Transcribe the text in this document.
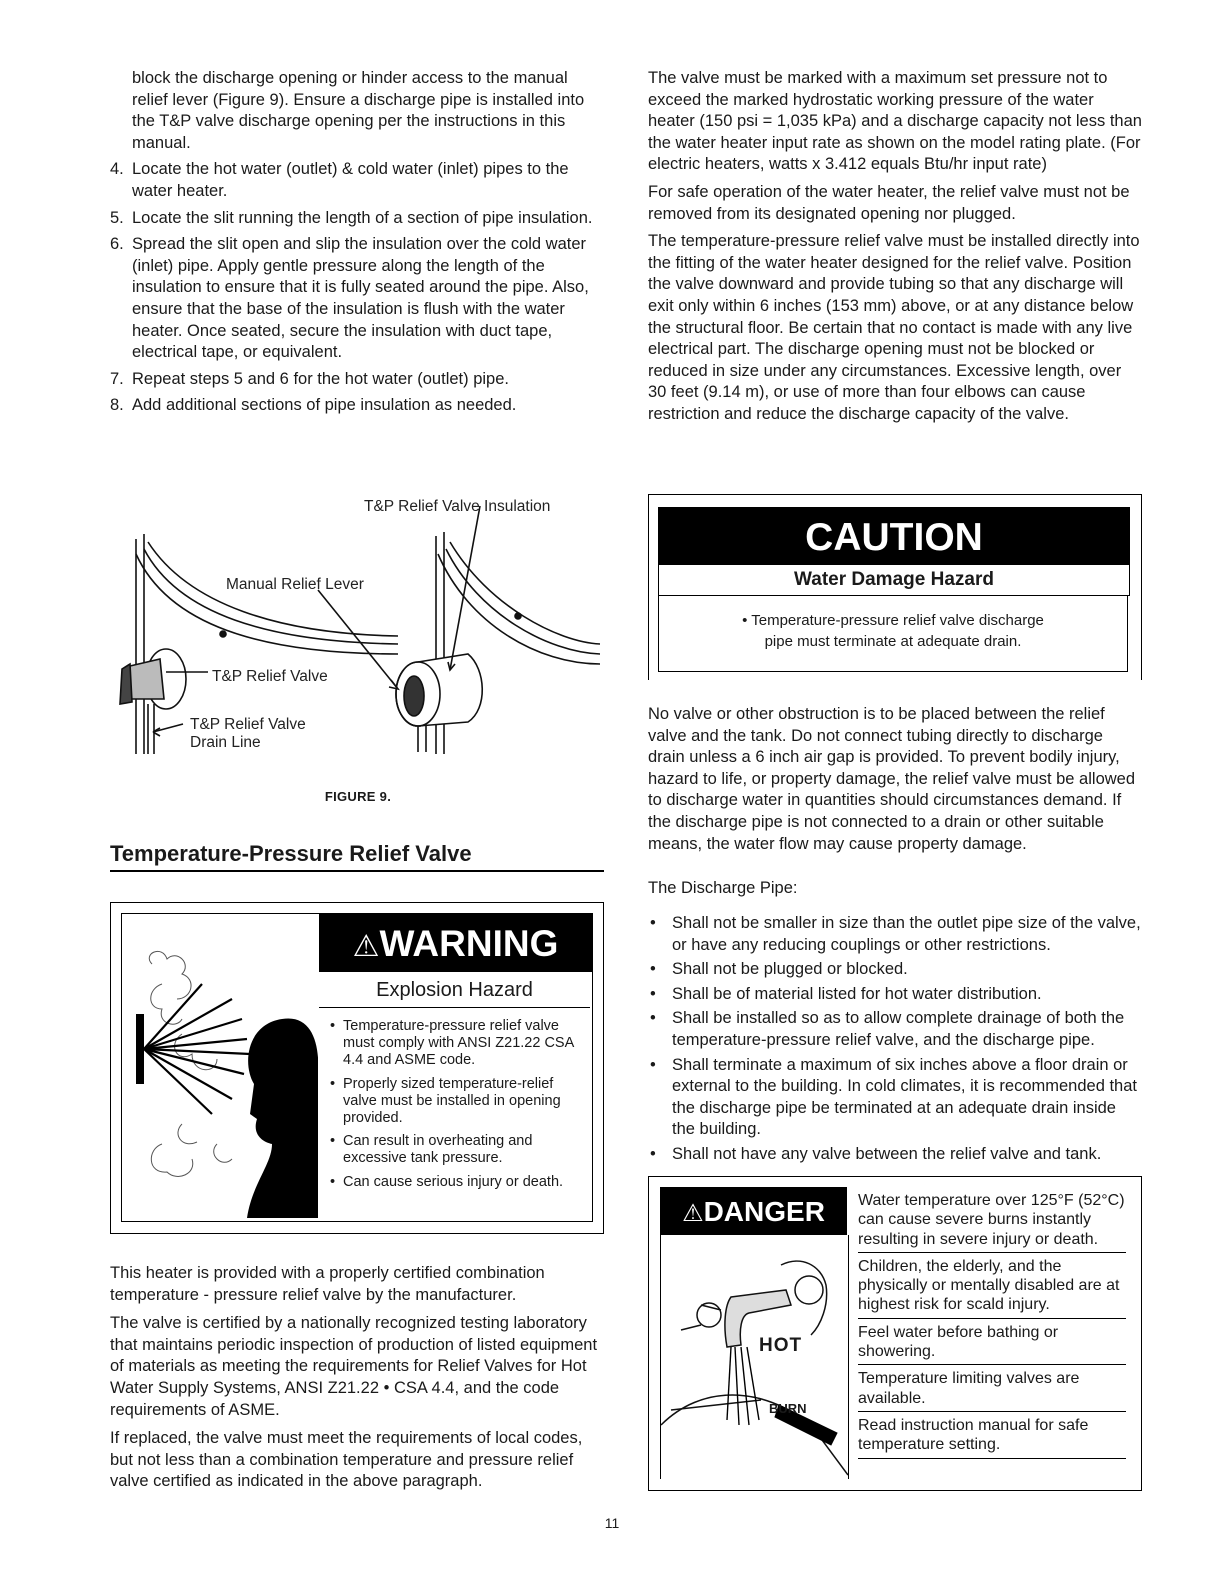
block the discharge opening or hinder access to the manual relief lever (Figure 9). Ensure a discharge pipe is installed into the T&P valve discharge opening per the instructions in this manual.

4. Locate the hot water (outlet) & cold water (inlet) pipes to the water heater.
5. Locate the slit running the length of a section of pipe insulation.
6. Spread the slit open and slip the insulation over the cold water (inlet) pipe. Apply gentle pressure along the length of the insulation to ensure that it is fully seated around the pipe. Also, ensure that the base of the insulation is flush with the water heater. Once seated, secure the insulation with duct tape, electrical tape, or equivalent.
7. Repeat steps 5 and 6 for the hot water (outlet) pipe.
8. Add additional sections of pipe insulation as needed.
T&P Relief Valve Insulation
Manual Relief Lever
T&P Relief Valve
T&P Relief Valve
Drain Line
FIGURE 9.
Temperature-Pressure Relief Valve
⚠WARNING
Explosion Hazard
• Temperature-pressure relief valve must comply with ANSI Z21.22 CSA 4.4 and ASME code.
• Properly sized temperature-relief valve must be installed in opening provided.
• Can result in overheating and excessive tank pressure.
• Can cause serious injury or death.

This heater is provided with a properly certified combination temperature - pressure relief valve by the manufacturer.

The valve is certified by a nationally recognized testing laboratory that maintains periodic inspection of production of listed equipment of materials as meeting the requirements for Relief Valves for Hot Water Supply Systems, ANSI Z21.22 • CSA 4.4, and the code requirements of ASME.

If replaced, the valve must meet the requirements of local codes, but not less than a combination temperature and pressure relief valve certified as indicated in the above paragraph.

The valve must be marked with a maximum set pressure not to exceed the marked hydrostatic working pressure of the water heater (150 psi = 1,035 kPa) and a discharge capacity not less than the water heater input rate as shown on the model rating plate. (For electric heaters, watts x 3.412 equals Btu/hr input rate)

For safe operation of the water heater, the relief valve must not be removed from its designated opening nor plugged.

The temperature-pressure relief valve must be installed directly into the fitting of the water heater designed for the relief valve. Position the valve downward and provide tubing so that any discharge will exit only within 6 inches (153 mm) above, or at any distance below the structural floor. Be certain that no contact is made with any live electrical part. The discharge opening must not be blocked or reduced in size under any circumstances. Excessive length, over 30 feet (9.14 m), or use of more than four elbows can cause restriction and reduce the discharge capacity of the valve.

CAUTION
Water Damage Hazard
• Temperature-pressure relief valve discharge
pipe must terminate at adequate drain.
No valve or other obstruction is to be placed between the relief valve and the tank. Do not connect tubing directly to discharge drain unless a 6 inch air gap is provided. To prevent bodily injury, hazard to life, or property damage, the relief valve must be allowed to discharge water in quantities should circumstances demand. If the discharge pipe is not connected to a drain or other suitable means, the water flow may cause property damage.
The Discharge Pipe:
• Shall not be smaller in size than the outlet pipe size of the valve, or have any reducing couplings or other restrictions.
• Shall not be plugged or blocked.
• Shall be of material listed for hot water distribution.
• Shall be installed so as to allow complete drainage of both the temperature-pressure relief valve, and the discharge pipe.
• Shall terminate a maximum of six inches above a floor drain or external to the building. In cold climates, it is recommended that the discharge pipe be terminated at an adequate drain inside the building.
• Shall not have any valve between the relief valve and tank.
⚠DANGER
HOT
BURN
Water temperature over 125°F (52°C) can cause severe burns instantly resulting in severe injury or death.
Children, the elderly, and the physically or mentally disabled are at highest risk for scald injury.
Feel water before bathing or showering.
Temperature limiting valves are available.
Read instruction manual for safe temperature setting.
11
